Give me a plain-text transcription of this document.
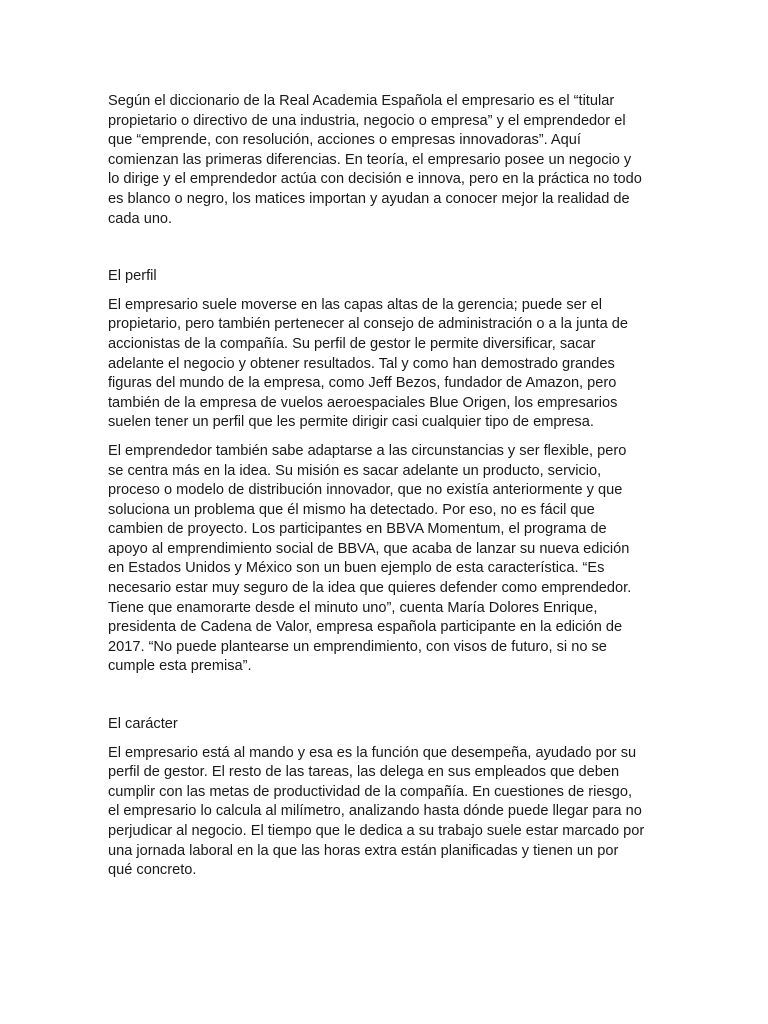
Según el diccionario de la Real Academia Española el empresario es el “titular
propietario o directivo de una industria, negocio o empresa” y el emprendedor el
que “emprende, con resolución, acciones o empresas innovadoras”. Aquí
comienzan las primeras diferencias. En teoría, el empresario posee un negocio y
lo dirige y el emprendedor actúa con decisión e innova, pero en la práctica no todo
es blanco o negro, los matices importan y ayudan a conocer mejor la realidad de
cada uno.

El perfil

El empresario suele moverse en las capas altas de la gerencia; puede ser el
propietario, pero también pertenecer al consejo de administración o a la junta de
accionistas de la compañía. Su perfil de gestor le permite diversificar, sacar
adelante el negocio y obtener resultados. Tal y como han demostrado grandes
figuras del mundo de la empresa, como Jeff Bezos, fundador de Amazon, pero
también de la empresa de vuelos aeroespaciales Blue Origen, los empresarios
suelen tener un perfil que les permite dirigir casi cualquier tipo de empresa.

El emprendedor también sabe adaptarse a las circunstancias y ser flexible, pero
se centra más en la idea. Su misión es sacar adelante un producto, servicio,
proceso o modelo de distribución innovador, que no existía anteriormente y que
soluciona un problema que él mismo ha detectado. Por eso, no es fácil que
cambien de proyecto. Los participantes en BBVA Momentum, el programa de
apoyo al emprendimiento social de BBVA, que acaba de lanzar su nueva edición
en Estados Unidos y México son un buen ejemplo de esta característica. “Es
necesario estar muy seguro de la idea que quieres defender como emprendedor.
Tiene que enamorarte desde el minuto uno”, cuenta María Dolores Enrique,
presidenta de Cadena de Valor, empresa española participante en la edición de
2017. “No puede plantearse un emprendimiento, con visos de futuro, si no se
cumple esta premisa”.

El carácter

El empresario está al mando y esa es la función que desempeña, ayudado por su
perfil de gestor. El resto de las tareas, las delega en sus empleados que deben
cumplir con las metas de productividad de la compañía. En cuestiones de riesgo,
el empresario lo calcula al milímetro, analizando hasta dónde puede llegar para no
perjudicar al negocio. El tiempo que le dedica a su trabajo suele estar marcado por
una jornada laboral en la que las horas extra están planificadas y tienen un por
qué concreto.
